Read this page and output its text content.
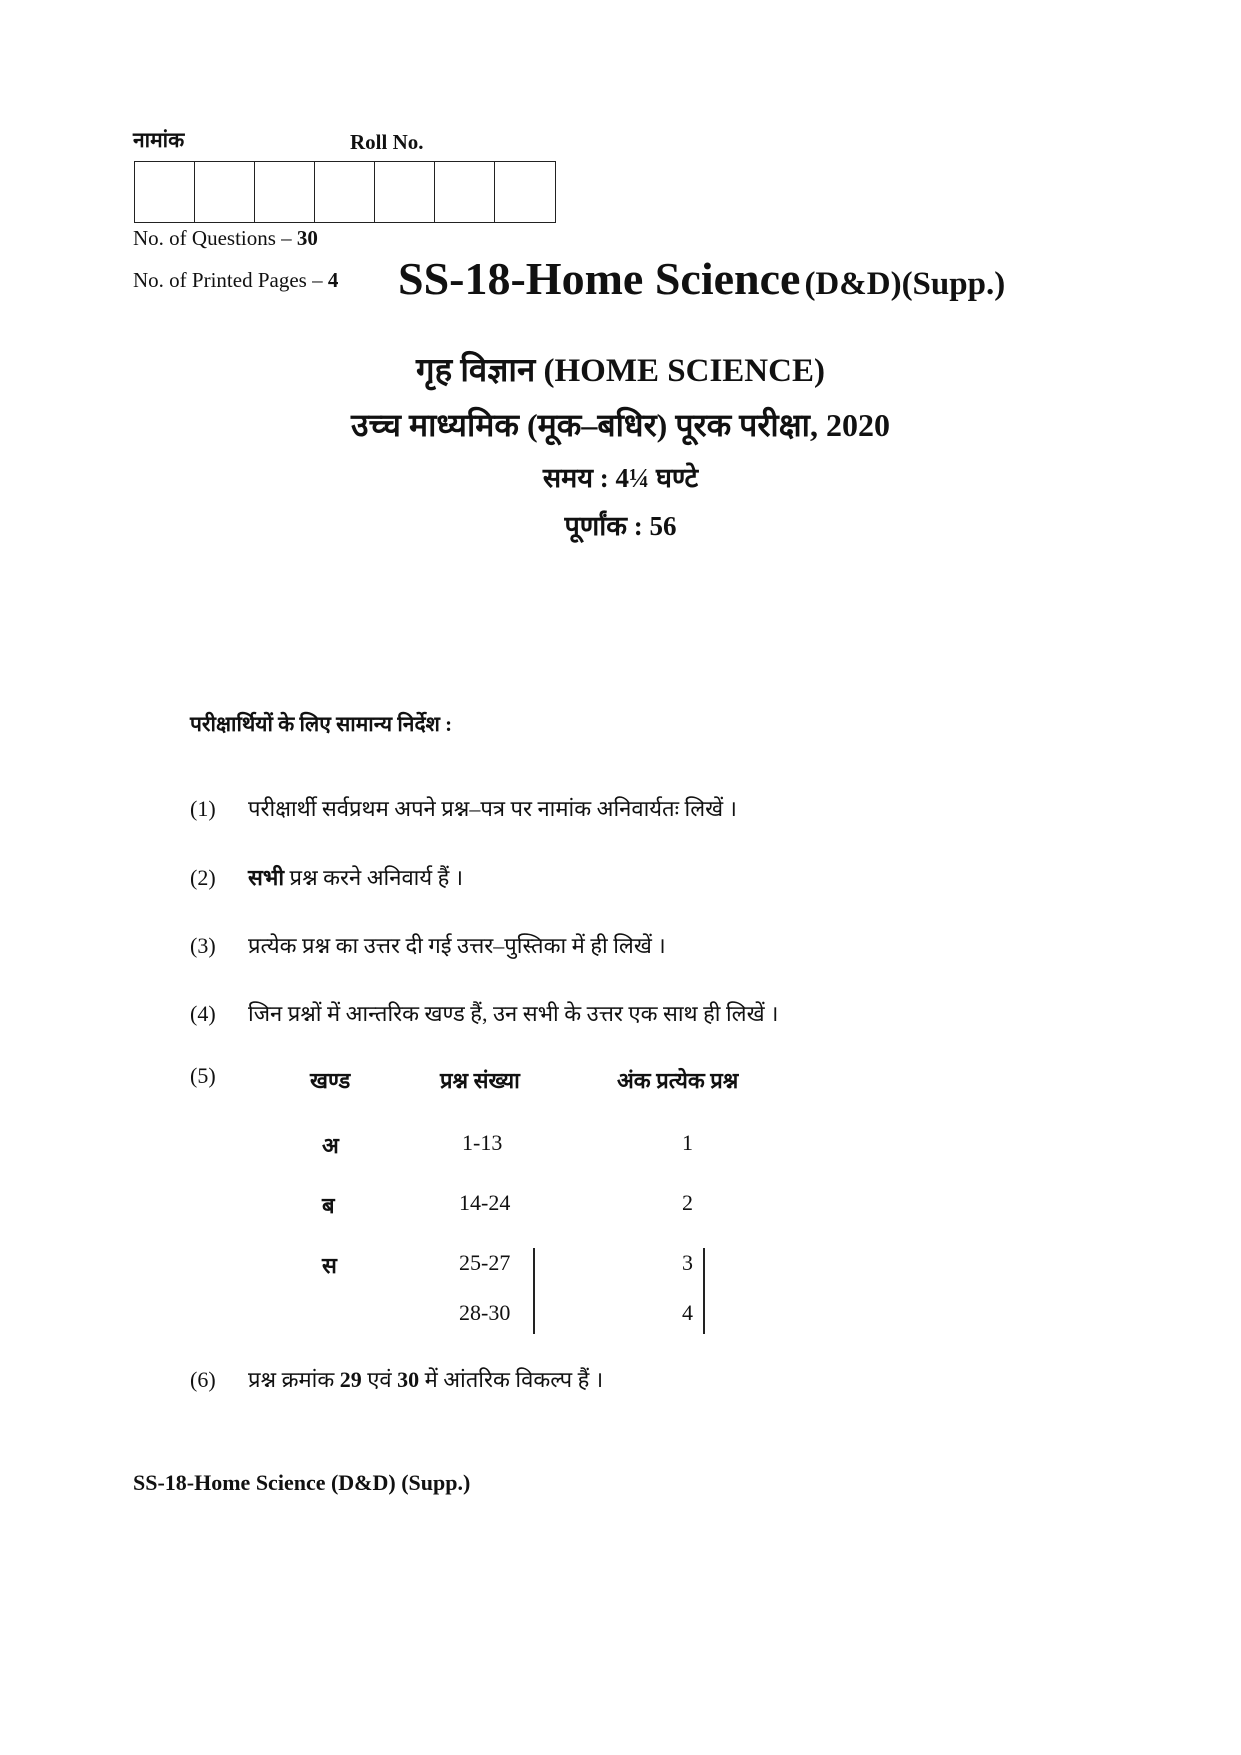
नामांक	Roll No.
No. of Questions – 30
No. of Printed Pages – 4 SS-18-Home Science (D&D)(Supp.)
गृह विज्ञान (HOME SCIENCE)
उच्च माध्यमिक (मूक–बधिर) पूरक परीक्षा, 2020
समय : 4¼ घण्टे
पूर्णांक : 56
परीक्षार्थियों के लिए सामान्य निर्देश :
(1) परीक्षार्थी सर्वप्रथम अपने प्रश्न–पत्र पर नामांक अनिवार्यतः लिखें ।
(2) सभी प्रश्न करने अनिवार्य हैं ।
(3) प्रत्येक प्रश्न का उत्तर दी गई उत्तर–पुस्तिका में ही लिखें ।
(4) जिन प्रश्नों में आन्तरिक खण्ड हैं, उन सभी के उत्तर एक साथ ही लिखें ।
(5)	खण्ड	प्रश्न संख्या	अंक प्रत्येक प्रश्न
अ	1-13	1
ब	14-24	2
स	25-27	3
28-30	4
(6) प्रश्न क्रमांक 29 एवं 30 में आंतरिक विकल्प हैं ।
SS-18-Home Science (D&D) (Supp.)
